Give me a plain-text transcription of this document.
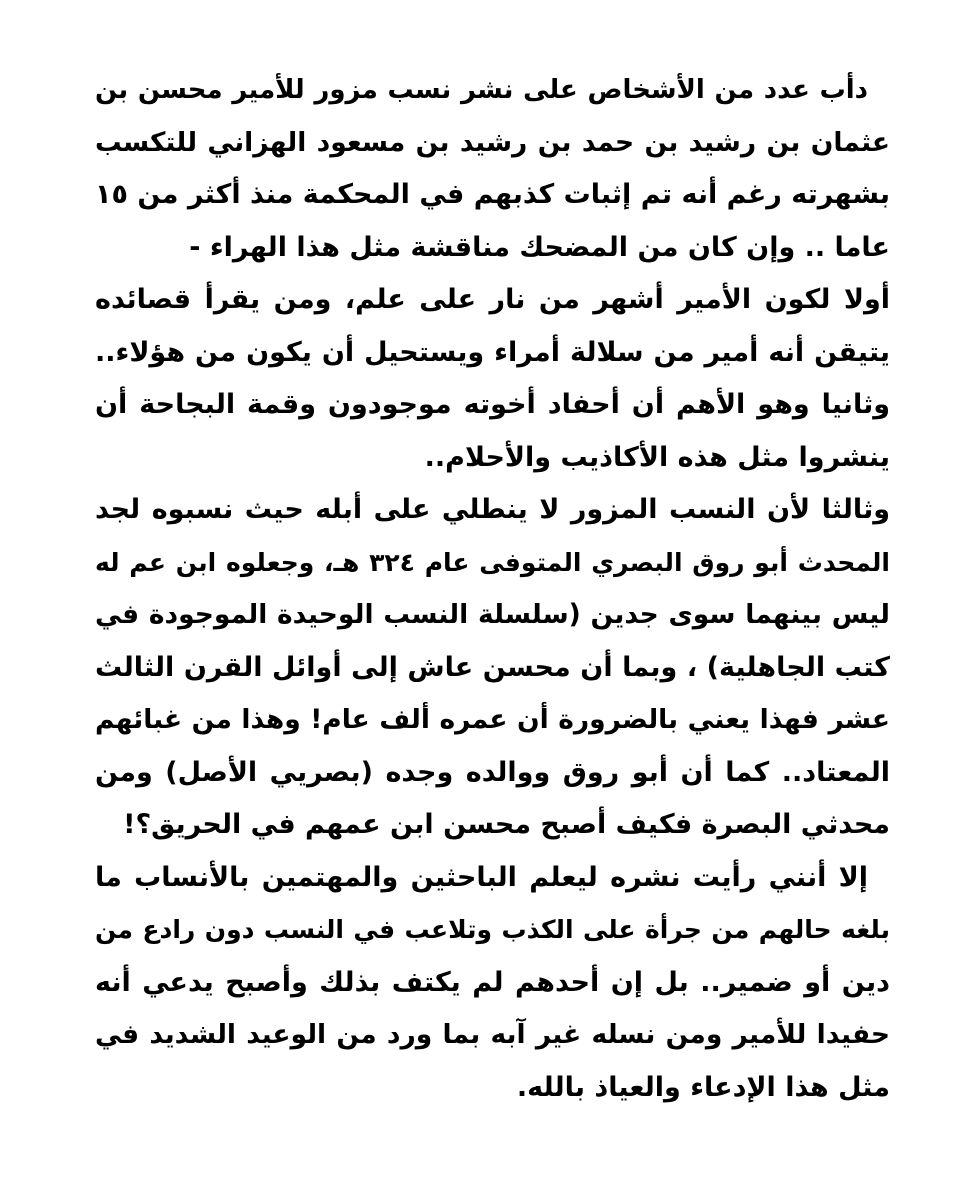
دأب عدد من الأشخاص على نشر نسب مزور للأمير محسن بن
عثمان بن رشيد بن حمد بن رشيد بن مسعود الهزاني للتكسب
بشهرته رغم أنه تم إثبات كذبهم في المحكمة منذ أكثر من ١٥
عاما .. وإن كان من المضحك مناقشة مثل هذا الهراء -
أولا لكون الأمير أشهر من نار على علم، ومن يقرأ قصائده
يتيقن أنه أمير من سلالة أمراء ويستحيل أن يكون من هؤلاء..
وثانيا وهو الأهم أن أحفاد أخوته موجودون وقمة البجاحة أن
ينشروا مثل هذه الأكاذيب والأحلام..
وثالثا لأن النسب المزور لا ينطلي على أبله حيث نسبوه لجد
المحدث أبو روق البصري المتوفى عام ٣٢٤ هـ، وجعلوه ابن عم له
ليس بينهما سوى جدين (سلسلة النسب الوحيدة الموجودة في
كتب الجاهلية) ، وبما أن محسن عاش إلى أوائل القرن الثالث
عشر فهذا يعني بالضرورة أن عمره ألف عام! وهذا من غبائهم
المعتاد.. كما أن أبو روق ووالده وجده (بصريي الأصل) ومن
محدثي البصرة فكيف أصبح محسن ابن عمهم في الحريق؟!
إلا أنني رأيت نشره ليعلم الباحثين والمهتمين بالأنساب ما
بلغه حالهم من جرأة على الكذب وتلاعب في النسب دون رادع من
دين أو ضمير.. بل إن أحدهم لم يكتف بذلك وأصبح يدعي أنه
حفيدا للأمير ومن نسله غير آبه بما ورد من الوعيد الشديد في
مثل هذا الإدعاء والعياذ بالله.
